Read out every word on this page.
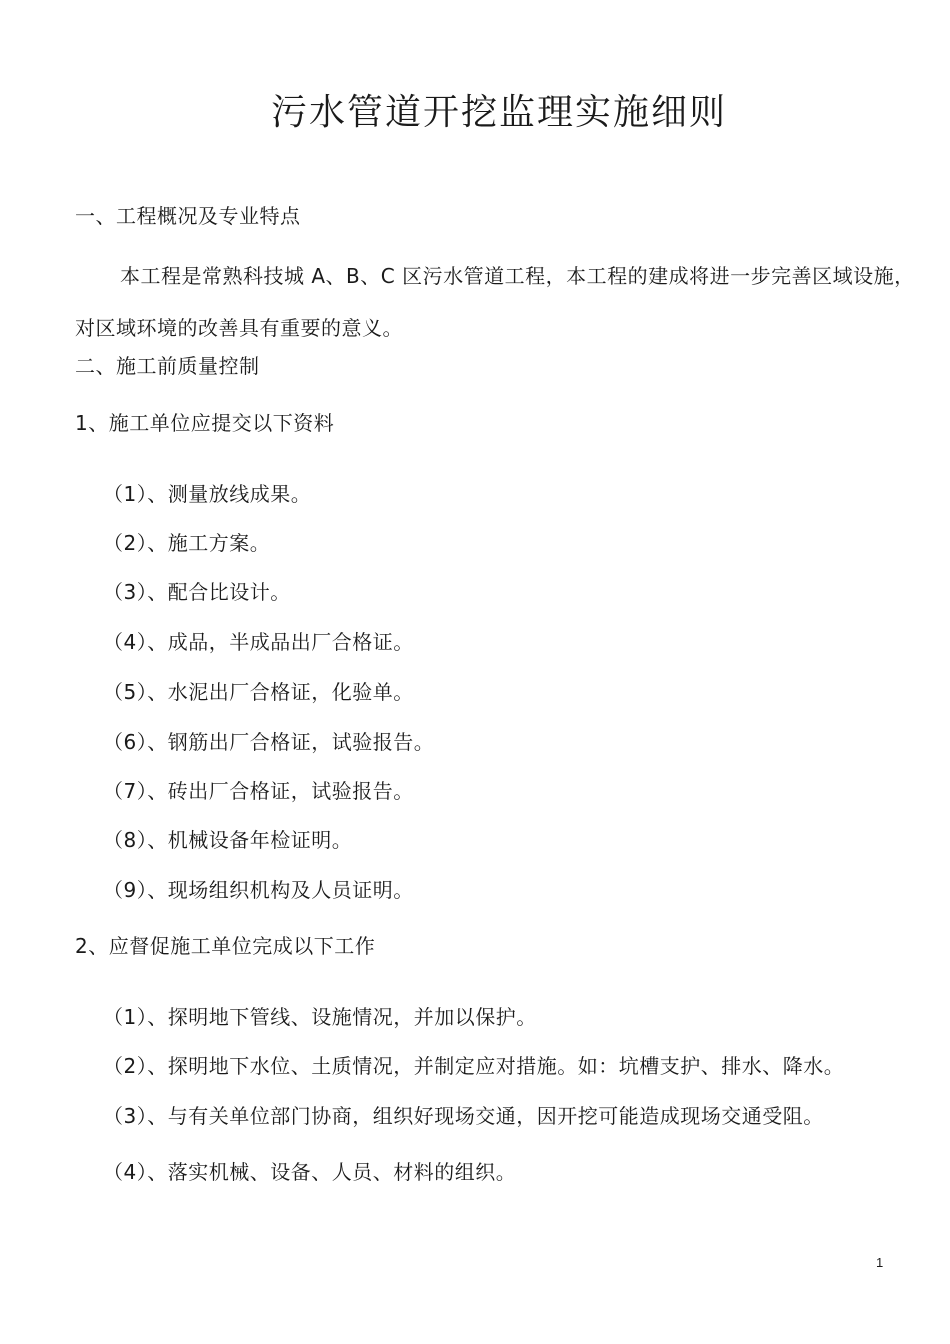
污水管道开挖监理实施细则
一、工程概况及专业特点
本工程是常熟科技城 A、B、C 区污水管道工程，本工程的建成将进一步完善区域设施，对区域环境的改善具有重要的意义。
二、施工前质量控制
1、施工单位应提交以下资料
（1）、测量放线成果。
（2）、施工方案。
（3）、配合比设计。
（4）、成品，半成品出厂合格证。
（5）、水泥出厂合格证，化验单。
（6）、钢筋出厂合格证，试验报告。
（7）、砖出厂合格证，试验报告。
（8）、机械设备年检证明。
（9）、现场组织机构及人员证明。
2、应督促施工单位完成以下工作
（1）、探明地下管线、设施情况，并加以保护。
（2）、探明地下水位、土质情况，并制定应对措施。如：坑槽支护、排水、降水。
（3）、与有关单位部门协商，组织好现场交通，因开挖可能造成现场交通受阻。
（4）、落实机械、设备、人员、材料的组织。
1
